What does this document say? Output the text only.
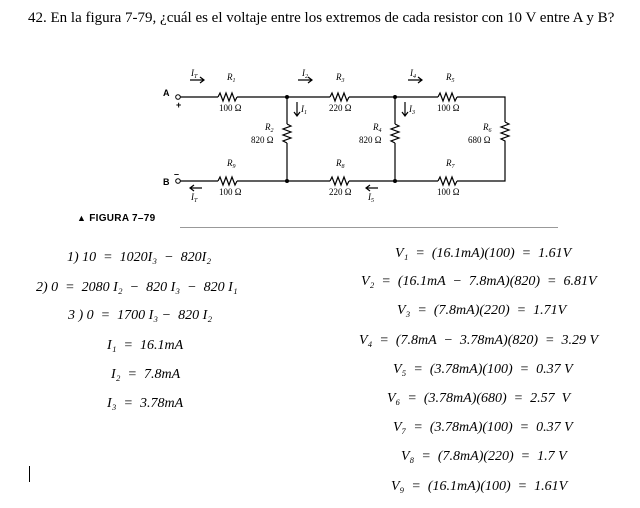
42. En la figura 7-79, ¿cuál es el voltaje entre los extremos de cada resistor con 10 V entre A y B?
A
+
B
–
$R_1$	$R_3$	$R_5$
$R_2$	$R_4$	$R_6$
$R_9$	$R_8$	$R_7$
100 Ω	220 Ω	100 Ω
820 Ω	820 Ω	680 Ω
100 Ω	220 Ω	100 Ω
$I_T$	$I_2$	$I_4$
$I_1$	$I_3$
$I_5$
$I_T$
▲ FIGURA 7–79
1) 10  =  1020I₃  −  820I₂
2) 0  =  2080 I₂  −  820 I₃  −  820 I₁
3 ) 0  =  1700 I₃ −  820 I₂
I₁  =  16.1mA
I₂  =  7.8mA
I₃  =  3.78mA
V₁  =  (16.1mA)(100)  =  1.61V
V₂  =  (16.1mA  −  7.8mA)(820)  =  6.81V
V₃  =  (7.8mA)(220)  =  1.71V
V₄  =  (7.8mA  −  3.78mA)(820)  =  3.29 V
V₅  =  (3.78mA)(100)  =  0.37 V
V₆  =  (3.78mA)(680)  =  2.57  V
V₇  =  (3.78mA)(100)  =  0.37 V
V₈  =  (7.8mA)(220)  =  1.7 V
V₉  =  (16.1mA)(100)  =  1.61V
